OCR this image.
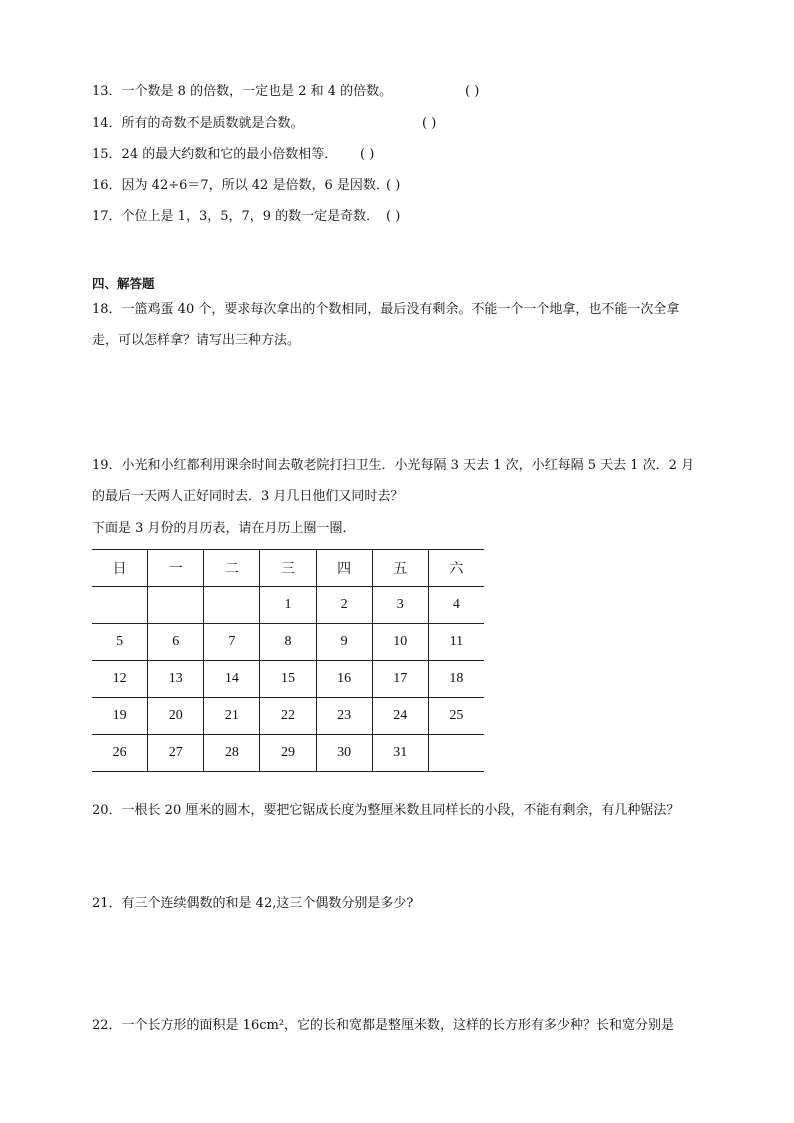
13．一个数是 8 的倍数，一定也是 2 和 4 的倍数。	( )
14．所有的奇数不是质数就是合数。	( )
15．24 的最大约数和它的最小倍数相等． ( )
16．因为 42÷6＝7，所以 42 是倍数，6 是因数．
( )
17．个位上是 1，3，5，7，9 的数一定是奇数． ( )
四、解答题
18．一篮鸡蛋 40 个，要求每次拿出的个数相同，最后没有剩余。不能一个一个地拿，也不能一次全拿走，可以怎样拿？请写出三种方法。
19．小光和小红都利用课余时间去敬老院打扫卫生．小光每隔 3 天去 1 次，小红每隔 5 天去 1 次．2 月的最后一天两人正好同时去．3 月几日他们又同时去？
下面是 3 月份的月历表，请在月历上圈一圈．
日	一	二	三	四	五	六
			1	2	3	4
5	6	7	8	9	10	11
12	13	14	15	16	17	18
19	20	21	22	23	24	25
26	27	28	29	30	31	
20．一根长 20 厘米的圆木，要把它锯成长度为整厘米数且同样长的小段，不能有剩余，有几种锯法？
21．有三个连续偶数的和是 42,这三个偶数分别是多少?
22．一个长方形的面积是 16cm²，它的长和宽都是整厘米数，这样的长方形有多少种？长和宽分别是
